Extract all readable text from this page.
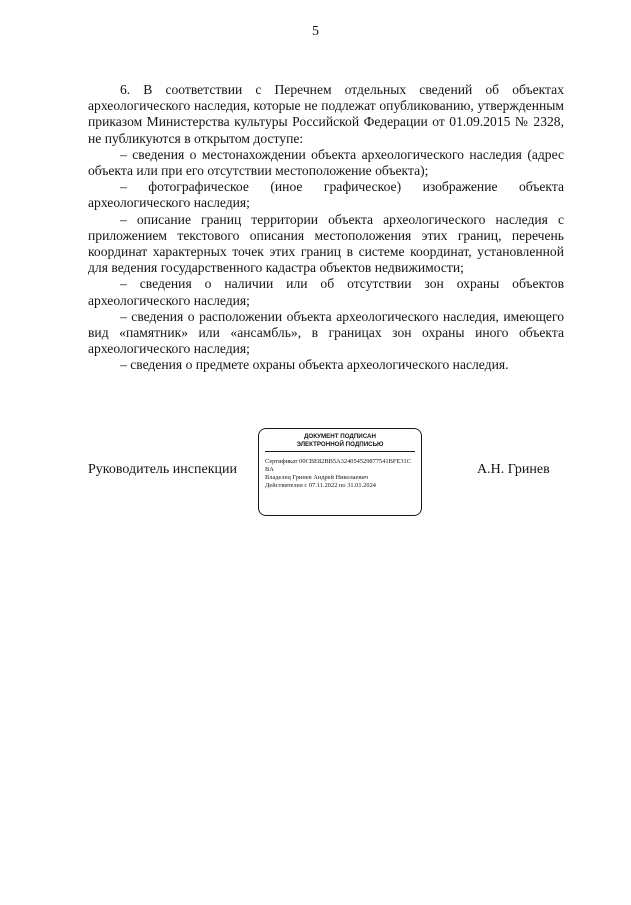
5

6. В соответствии с Перечнем отдельных сведений об объектах археологического наследия, которые не подлежат опубликованию, утвержденным приказом Министерства культуры Российской Федерации от 01.09.2015 № 2328, не публикуются в открытом доступе:

– сведения о местонахождении объекта археологического наследия (адрес объекта или при его отсутствии местоположение объекта);

– фотографическое (иное графическое) изображение объекта археологического наследия;

– описание границ территории объекта археологического наследия с приложением текстового описания местоположения этих границ, перечень координат характерных точек этих границ в системе координат, установленной для ведения государственного кадастра объектов недвижимости;

– сведения о наличии или об отсутствии зон охраны объектов археологического наследия;

– сведения о расположении объекта археологического наследия, имеющего вид «памятник» или «ансамбль», в границах зон охраны иного объекта археологического наследия;

– сведения о предмете охраны объекта археологического наследия.

Руководитель инспекции
ДОКУМЕНТ ПОДПИСАН
ЭЛЕКТРОННОЙ ПОДПИСЬЮ
Сертификат 00CBE82BB5A324054529877541BFE31CBA
Владелец Гринев Андрей Николаевич
Действителен с 07.11.2022 по 31.01.2024
А.Н. Гринев
